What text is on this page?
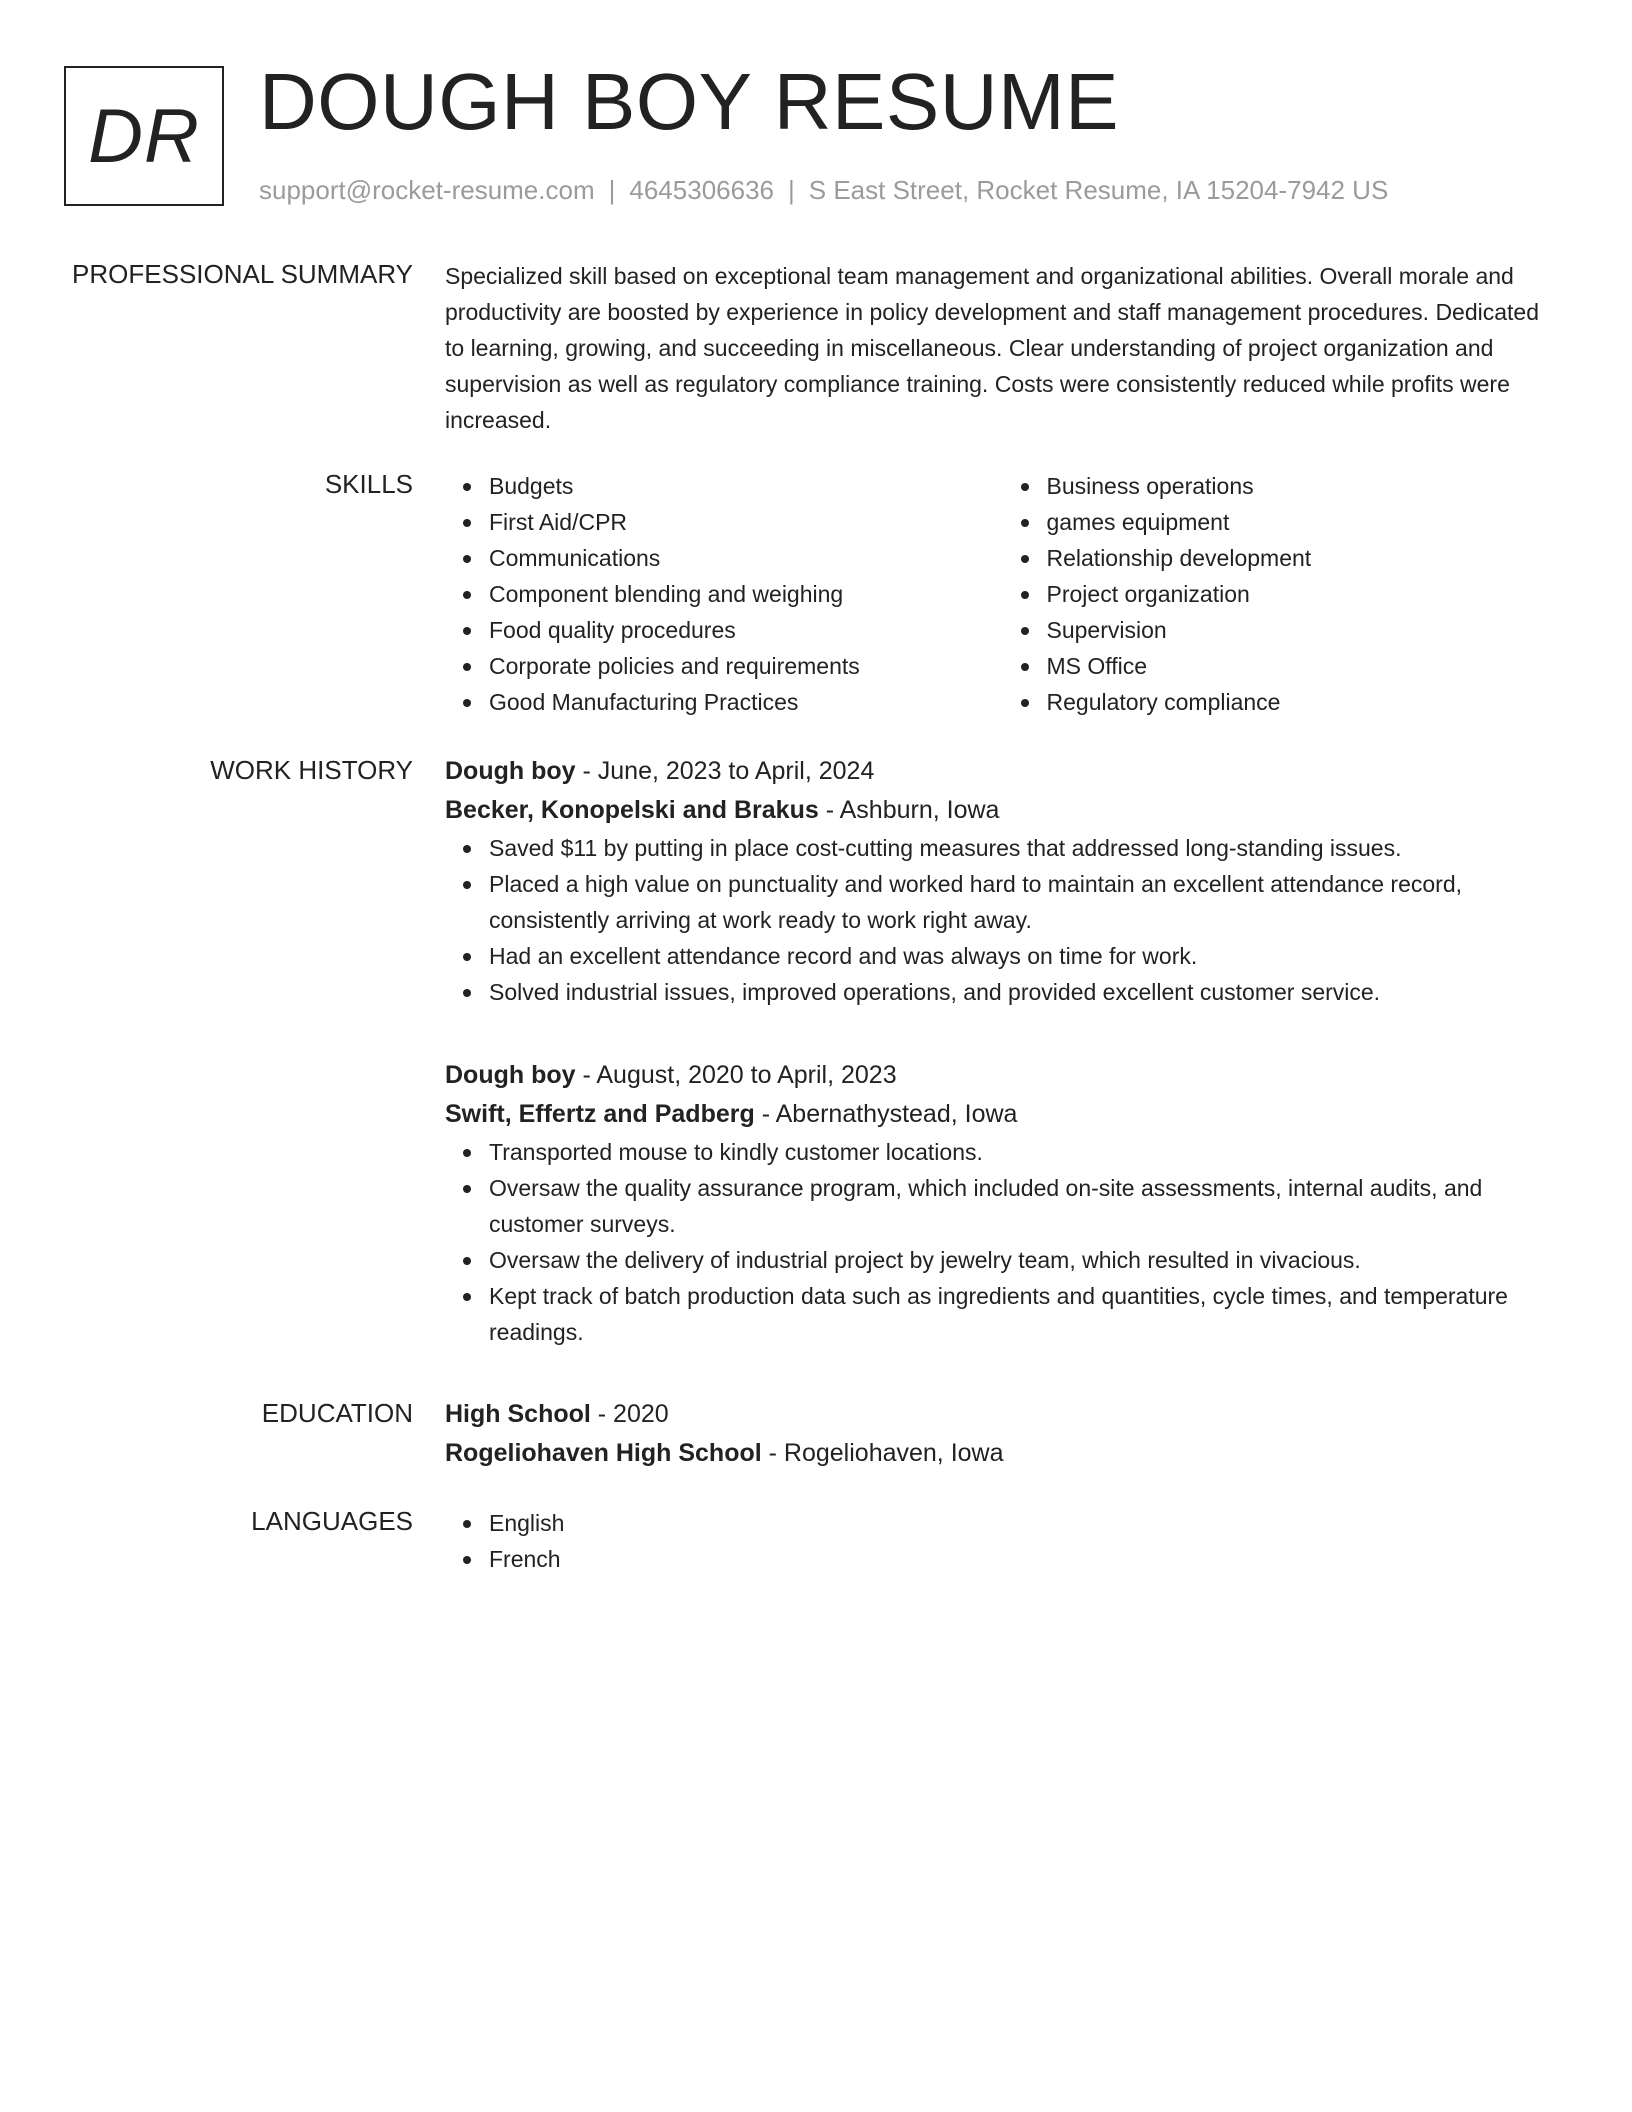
DR DOUGH BOY RESUME
support@rocket-resume.com | 4645306636 | S East Street, Rocket Resume, IA 15204-7942 US
PROFESSIONAL SUMMARY Specialized skill based on exceptional team management and organizational abilities. Overall morale and productivity are boosted by experience in policy development and staff management procedures. Dedicated to learning, growing, and succeeding in miscellaneous. Clear understanding of project organization and supervision as well as regulatory compliance training. Costs were consistently reduced while profits were increased.

SKILLS	Budgets
First Aid/CPR
Communications
Component blending and weighing
Food quality procedures
Corporate policies and requirements
Good Manufacturing Practices
Business operations
games equipment
Relationship development
Project organization
Supervision
MS Office
Regulatory compliance
WORK HISTORY Dough boy - June, 2023 to April, 2024
Becker, Konopelski and Brakus - Ashburn, Iowa
Saved $11 by putting in place cost-cutting measures that addressed long-standing issues.
Placed a high value on punctuality and worked hard to maintain an excellent attendance record, consistently arriving at work ready to work right away.
Had an excellent attendance record and was always on time for work.
Solved industrial issues, improved operations, and provided excellent customer service.
Dough boy - August, 2020 to April, 2023
Swift, Effertz and Padberg - Abernathystead, Iowa
Transported mouse to kindly customer locations.
Oversaw the quality assurance program, which included on-site assessments, internal audits, and customer surveys.
Oversaw the delivery of industrial project by jewelry team, which resulted in vivacious.
Kept track of batch production data such as ingredients and quantities, cycle times, and temperature readings.
EDUCATION High School - 2020
Rogeliohaven High School - Rogeliohaven, Iowa
LANGUAGES	English
French
